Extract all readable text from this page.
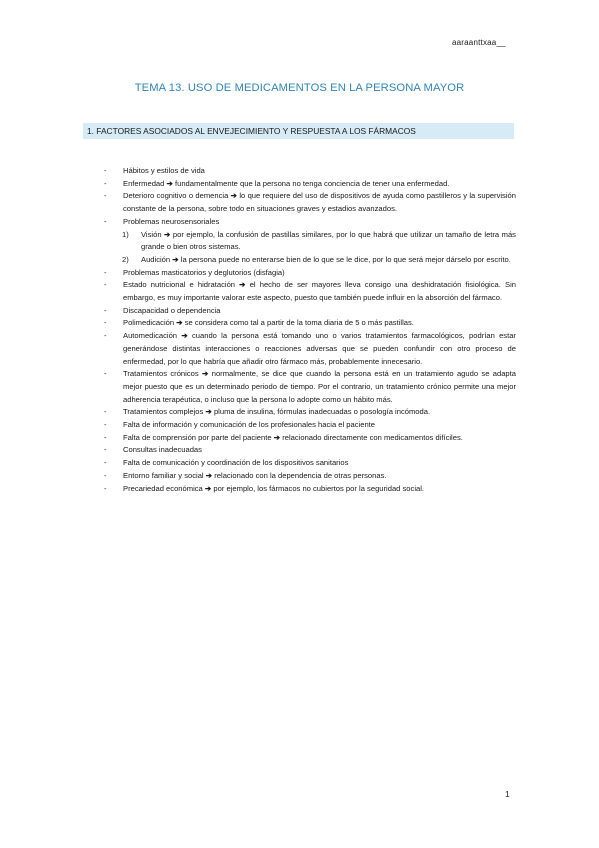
aaraanttxaa__
TEMA 13. USO DE MEDICAMENTOS EN LA PERSONA MAYOR
1. FACTORES ASOCIADOS AL ENVEJECIMIENTO Y RESPUESTA A LOS FÁRMACOS
- Hábitos y estilos de vida
- Enfermedad ➔ fundamentalmente que la persona no tenga conciencia de tener una enfermedad.
- Deterioro cognitivo o demencia ➔ lo que requiere del uso de dispositivos de ayuda como pastilleros y la supervisión constante de la persona, sobre todo en situaciones graves y estadios avanzados.
- Problemas neurosensoriales
1) Visión ➔ por ejemplo, la confusión de pastillas similares, por lo que habrá que utilizar un tamaño de letra más grande o bien otros sistemas.
2) Audición ➔ la persona puede no enterarse bien de lo que se le dice, por lo que será mejor dárselo por escrito.
- Problemas masticatorios y deglutorios (disfagia)
- Estado nutricional e hidratación ➔ el hecho de ser mayores lleva consigo una deshidratación fisiológica. Sin embargo, es muy importante valorar este aspecto, puesto que también puede influir en la absorción del fármaco.
- Discapacidad o dependencia
- Polimedicación ➔ se considera como tal a partir de la toma diaria de 5 o más pastillas.
- Automedicación ➔ cuando la persona está tomando uno o varios tratamientos farmacológicos, podrían estar generándose distintas interacciones o reacciones adversas que se pueden confundir con otro proceso de enfermedad, por lo que habría que añadir otro fármaco más, probablemente innecesario.
- Tratamientos crónicos ➔ normalmente, se dice que cuando la persona está en un tratamiento agudo se adapta mejor puesto que es un determinado periodo de tiempo. Por el contrario, un tratamiento crónico permite una mejor adherencia terapéutica, o incluso que la persona lo adopte como un hábito más.
- Tratamientos complejos ➔ pluma de insulina, fórmulas inadecuadas o posología incómoda.
- Falta de información y comunicación de los profesionales hacia el paciente
- Falta de comprensión por parte del paciente ➔ relacionado directamente con medicamentos difíciles.
- Consultas inadecuadas
- Falta de comunicación y coordinación de los dispositivos sanitarios
- Entorno familiar y social ➔ relacionado con la dependencia de otras personas.
- Precariedad económica ➔ por ejemplo, los fármacos no cubiertos por la seguridad social.
1
